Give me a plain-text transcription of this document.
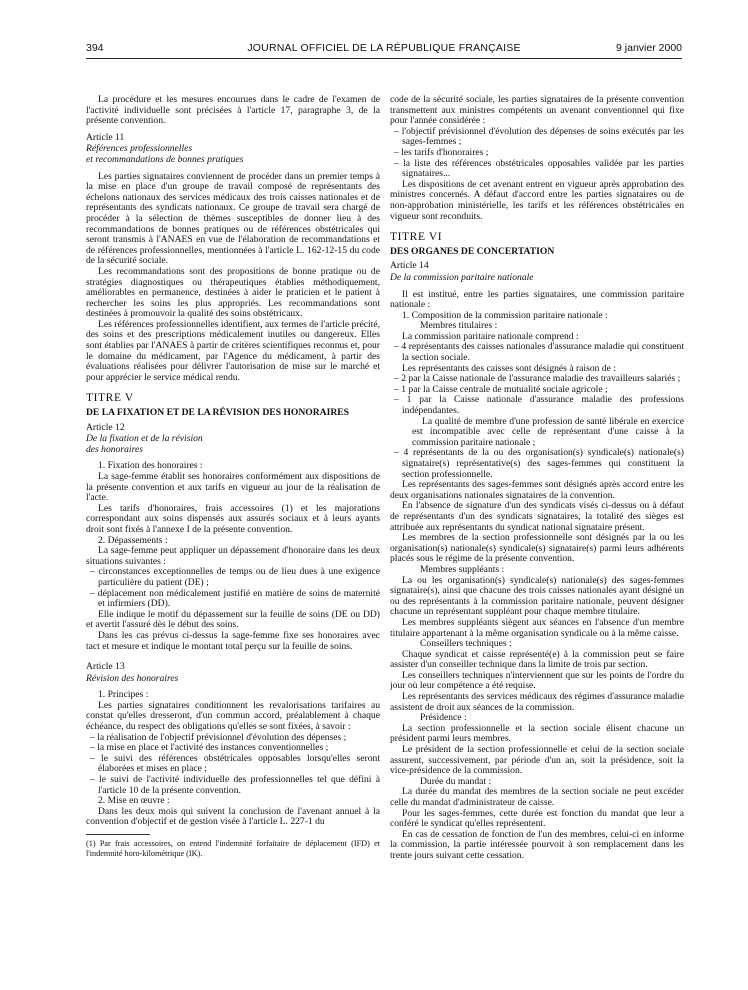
394	JOURNAL OFFICIEL DE LA RÉPUBLIQUE FRANÇAISE	9 janvier 2000

La procédure et les mesures encourues dans le cadre de l'examen de l'activité individuelle sont précisées à l'article 17, paragraphe 3, de la présente convention.

Article 11

Références professionnelles

et recommandations de bonnes pratiques

Les parties signataires conviennent de procéder dans un premier temps à la mise en place d'un groupe de travail composé de représentants des échelons nationaux des services médicaux des trois caisses nationales et de représentants des syndicats nationaux. Ce groupe de travail sera chargé de procéder à la sélection de thèmes susceptibles de donner lieu à des recommandations de bonnes pratiques ou de références obstétricales qui seront transmis à l'ANAES en vue de l'élaboration de recommandations et de références professionnelles, mentionnées à l'article L. 162-12-15 du code de la sécurité sociale.

Les recommandations sont des propositions de bonne pratique ou de stratégies diagnostiques ou thérapeutiques établies méthodiquement, améliorables en permanence, destinées à aider le praticien et le patient à rechercher les soins les plus appropriés. Les recommandations sont destinées à promouvoir la qualité des soins obstétricaux.

Les références professionnelles identifient, aux termes de l'article précité, des soins et des prescriptions médicalement inutiles ou dangereux. Elles sont établies par l'ANAES à partir de critères scientifiques reconnus et, pour le domaine du médicament, par l'Agence du médicament, à partir des évaluations réalisées pour délivrer l'autorisation de mise sur le marché et pour apprécier le service médical rendu.

TITRE V

DE LA FIXATION ET DE LA RÉVISION DES HONORAIRES

Article 12

De la fixation et de la révision

des honoraires

1. Fixation des honoraires :

La sage-femme établit ses honoraires conformément aux dispositions de la présente convention et aux tarifs en vigueur au jour de la réalisation de l'acte.

Les tarifs d'honoraires, frais accessoires (1) et les majorations correspondant aux soins dispensés aux assurés sociaux et à leurs ayants droit sont fixés à l'annexe I de la présente convention.

2. Dépassements :

La sage-femme peut appliquer un dépassement d'honoraire dans les deux situations suivantes :

– circonstances exceptionnelles de temps ou de lieu dues à une exigence particulière du patient (DE) ;

– déplacement non médicalement justifié en matière de soins de maternité et infirmiers (DD).

Elle indique le motif du dépassement sur la feuille de soins (DE ou DD) et avertit l'assuré dès le début des soins.

Dans les cas prévus ci-dessus la sage-femme fixe ses honoraires avec tact et mesure et indique le montant total perçu sur la feuille de soins.

Article 13

Révision des honoraires

1. Principes :

Les parties signataires conditionnent les revalorisations tarifaires au constat qu'elles dresseront, d'un commun accord, préalablement à chaque échéance, du respect des obligations qu'elles se sont fixées, à savoir :

– la réalisation de l'objectif prévisionnel d'évolution des dépenses ;

– la mise en place et l'activité des instances conventionnelles ;

– le suivi des références obstétricales opposables lorsqu'elles seront élaborées et mises en place ;

– le suivi de l'activité individuelle des professionnelles tel que défini à l'article 10 de la présente convention.

2. Mise en œuvre :

Dans les deux mois qui suivent la conclusion de l'avenant annuel à la convention d'objectif et de gestion visée à l'article L. 227-1 du

(1) Par frais accessoires, on entend l'indemnité forfaitaire de déplacement (IFD) et l'indemnité horo-kilométrique (IK).

code de la sécurité sociale, les parties signataires de la présente convention transmettent aux ministres compétents un avenant conventionnel qui fixe pour l'année considérée :

– l'objectif prévisionnel d'évolution des dépenses de soins exécutés par les sages-femmes ;

– les tarifs d'honoraires ;

– la liste des références obstétricales opposables validée par les parties signataires...

Les dispositions de cet avenant entrent en vigueur après approbation des ministres concernés. A défaut d'accord entre les parties signataires ou de non-approbation ministérielle, les tarifs et les références obstétricales en vigueur sont reconduits.

TITRE VI

DES ORGANES DE CONCERTATION

Article 14

De la commission paritaire nationale

Il est institué, entre les parties signataires, une commission paritaire nationale :

1. Composition de la commission paritaire nationale :

Membres titulaires :

La commission paritaire nationale comprend :

– 4 représentants des caisses nationales d'assurance maladie qui constituent la section sociale.

Les représentants des caisses sont désignés à raison de :

– 2 par la Caisse nationale de l'assurance maladie des travailleurs salariés ;

– 1 par la Caisse centrale de mutualité sociale agricole ;

– 1 par la Caisse nationale d'assurance maladie des professions indépendantes.

La qualité de membre d'une profession de santé libérale en exercice est incompatible avec celle de représentant d'une caisse à la commission paritaire nationale ;

– 4 représentants de la ou des organisation(s) syndicale(s) nationale(s) signataire(s) représentative(s) des sages-femmes qui constituent la section professionnelle.

Les représentants des sages-femmes sont désignés après accord entre les deux organisations nationales signataires de la convention.

En l'absence de signature d'un des syndicats visés ci-dessus ou à défaut de représentants d'un des syndicats signataires, la totalité des sièges est attribuée aux représentants du syndicat national signataire présent.

Les membres de la section professionnelle sont désignés par la ou les organisation(s) nationale(s) syndicale(s) signataire(s) parmi leurs adhérents placés sous le régime de la présente convention.

Membres suppléants :

La ou les organisation(s) syndicale(s) nationale(s) des sages-femmes signataire(s), ainsi que chacune des trois caisses nationales ayant désigné un ou des représentants à la commission paritaire nationale, peuvent désigner chacune un représentant suppléant pour chaque membre titulaire.

Les membres suppléants siègent aux séances en l'absence d'un membre titulaire appartenant à la même organisation syndicale ou à la même caisse.

Conseillers techniques :

Chaque syndicat et caisse représenté(e) à la commission peut se faire assister d'un conseiller technique dans la limite de trois par section.

Les conseillers techniques n'interviennent que sur les points de l'ordre du jour où leur compétence a été requise.

Les représentants des services médicaux des régimes d'assurance maladie assistent de droit aux séances de la commission.

Présidence :

La section professionnelle et la section sociale élisent chacune un président parmi leurs membres.

Le président de la section professionnelle et celui de la section sociale assurent, successivement, par période d'un an, soit la présidence, soit la vice-présidence de la commission.

Durée du mandat :

La durée du mandat des membres de la section sociale ne peut excéder celle du mandat d'administrateur de caisse.

Pour les sages-femmes, cette durée est fonction du mandat que leur a conféré le syndicat qu'elles représentent.

En cas de cessation de fonction de l'un des membres, celui-ci en informe la commission, la partie intéressée pourvoit à son remplacement dans les trente jours suivant cette cessation.
